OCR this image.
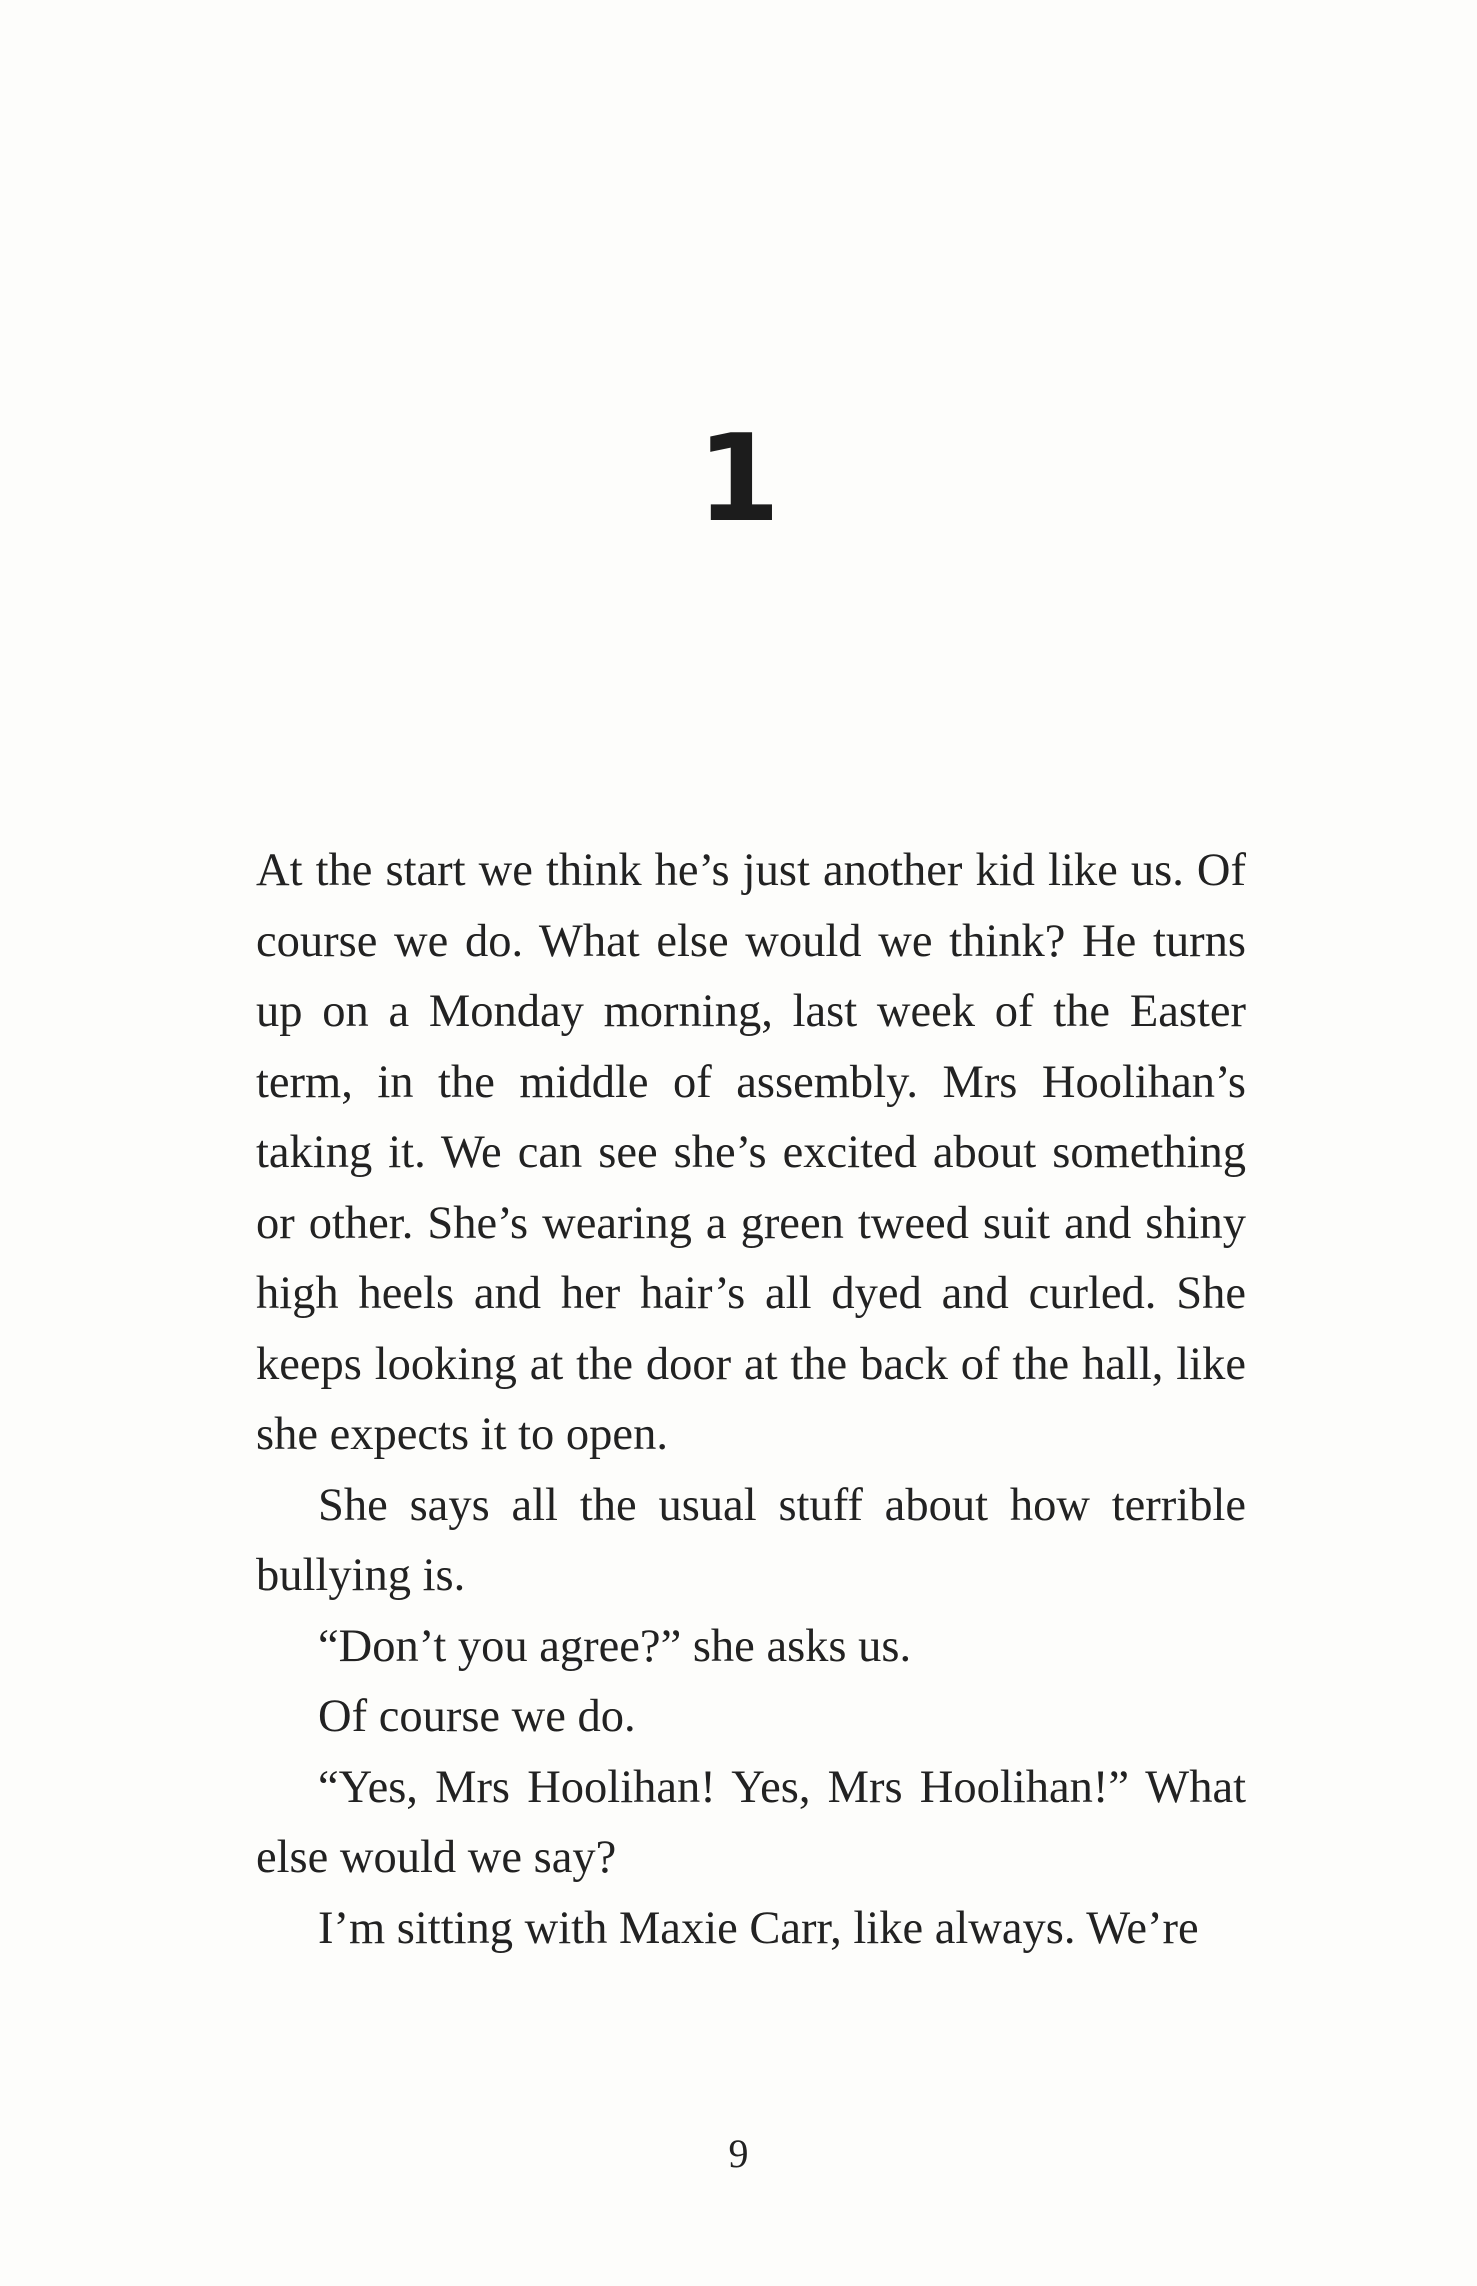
1

At the start we think he’s just another kid like us. Of course we do. What else would we think? He turns up on a Monday morning, last week of the Easter term, in the middle of assembly. Mrs Hoolihan’s taking it. We can see she’s excited about something or other. She’s wearing a green tweed suit and shiny high heels and her hair’s all dyed and curled. She keeps looking at the door at the back of the hall, like she expects it to open.

She says all the usual stuff about how terrible bullying is.

“Don’t you agree?” she asks us.

Of course we do.

“Yes, Mrs Hoolihan! Yes, Mrs Hoolihan!” What else would we say?

I’m sitting with Maxie Carr, like always. We’re

9
